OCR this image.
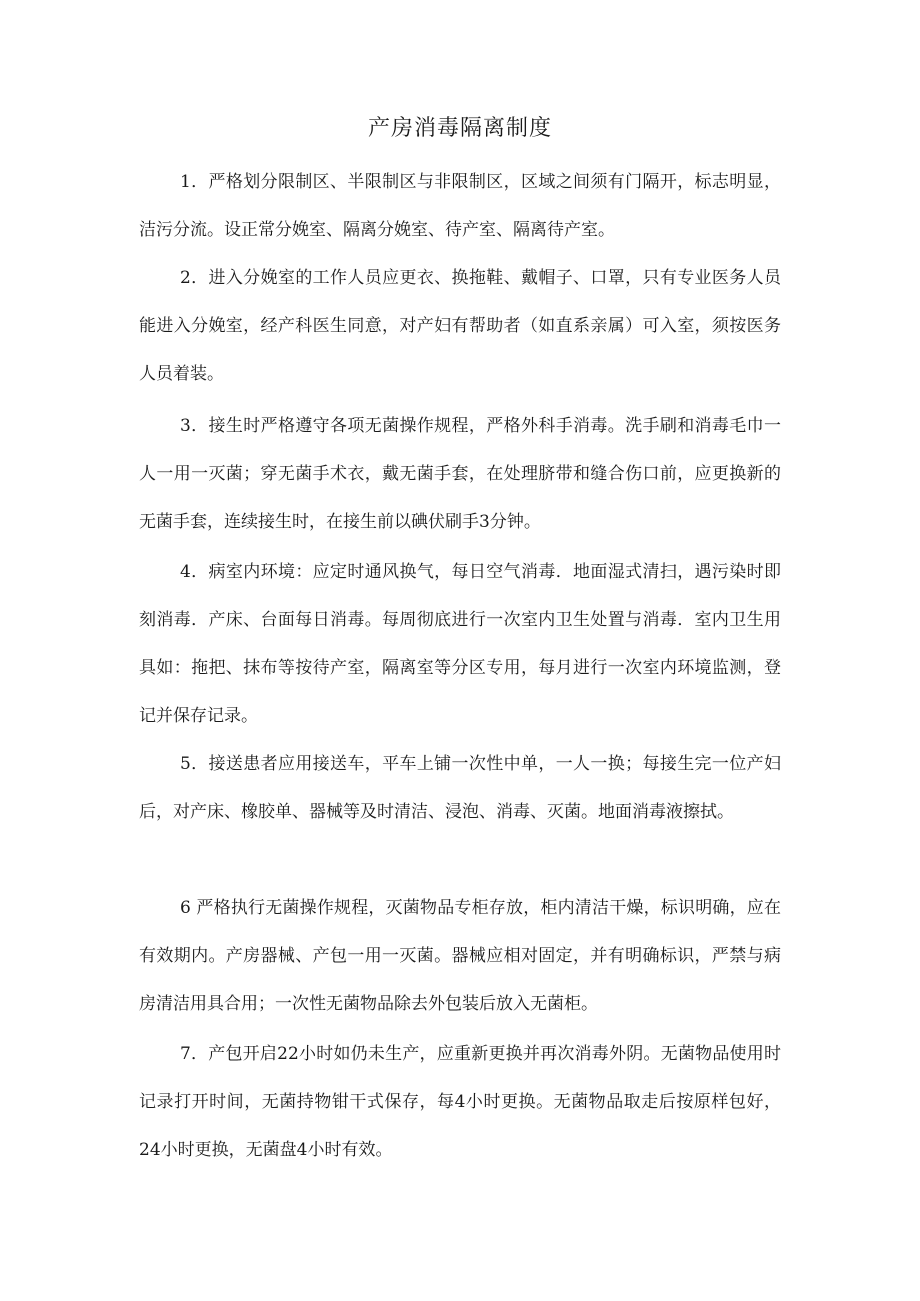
产房消毒隔离制度

1．严格划分限制区、半限制区与非限制区，区域之间须有门隔开，标志明显，洁污分流。设正常分娩室、隔离分娩室、待产室、隔离待产室。

2．进入分娩室的工作人员应更衣、换拖鞋、戴帽子、口罩，只有专业医务人员能进入分娩室，经产科医生同意，对产妇有帮助者（如直系亲属）可入室，须按医务人员着装。

3．接生时严格遵守各项无菌操作规程，严格外科手消毒。洗手刷和消毒毛巾一人一用一灭菌；穿无菌手术衣，戴无菌手套，在处理脐带和缝合伤口前，应更换新的无菌手套，连续接生时，在接生前以碘伏刷手3分钟。

4．病室内环境：应定时通风换气，每日空气消毒．地面湿式清扫，遇污染时即刻消毒．产床、台面每日消毒。每周彻底进行一次室内卫生处置与消毒．室内卫生用具如：拖把、抹布等按待产室，隔离室等分区专用，每月进行一次室内环境监测，登记并保存记录。

5．接送患者应用接送车，平车上铺一次性中单，一人一换；每接生完一位产妇后，对产床、橡胶单、器械等及时清洁、浸泡、消毒、灭菌。地面消毒液擦拭。

6 严格执行无菌操作规程，灭菌物品专柜存放，柜内清洁干燥，标识明确，应在有效期内。产房器械、产包一用一灭菌。器械应相对固定，并有明确标识，严禁与病房清洁用具合用；一次性无菌物品除去外包装后放入无菌柜。

7．产包开启22小时如仍未生产，应重新更换并再次消毒外阴。无菌物品使用时记录打开时间，无菌持物钳干式保存，每4小时更换。无菌物品取走后按原样包好，24小时更换，无菌盘4小时有效。
